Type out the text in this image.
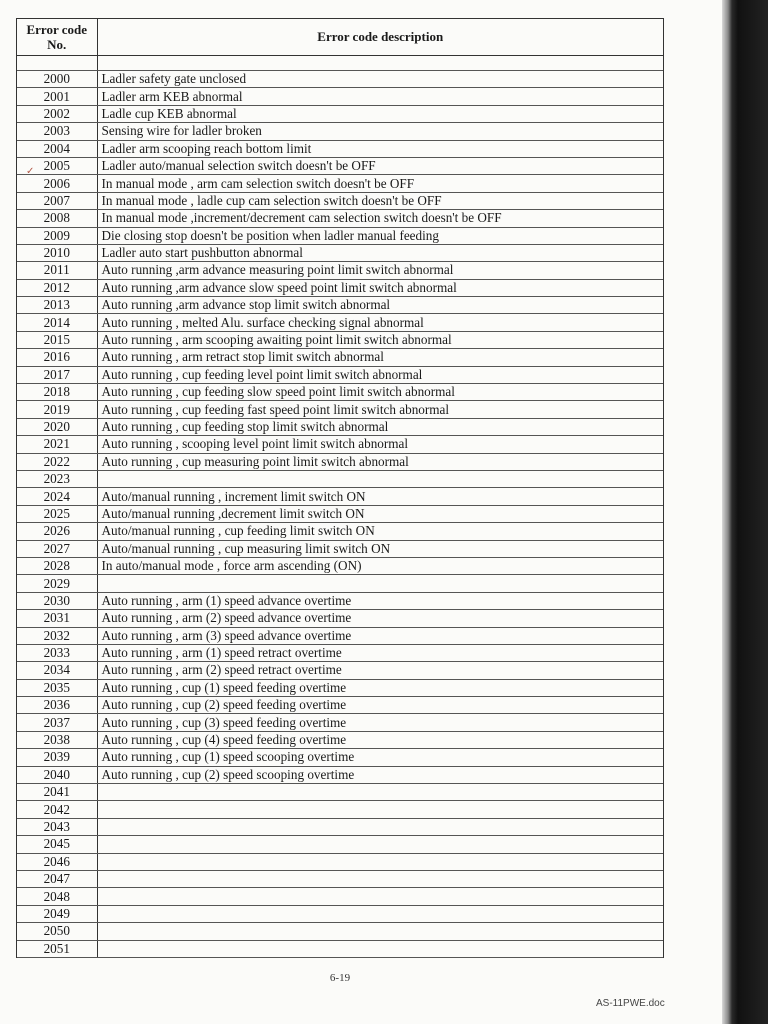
Error code No.	Error code description

2000	Ladler safety gate unclosed
2001	Ladler arm KEB abnormal
2002	Ladle cup KEB abnormal
2003	Sensing wire for ladler broken
2004	Ladler arm scooping reach bottom limit
2005	Ladler auto/manual selection switch doesn't be OFF
2006	In manual mode , arm cam selection switch doesn't be OFF
2007	In manual mode , ladle cup cam selection switch doesn't be OFF
2008	In manual mode ,increment/decrement cam selection switch doesn't be OFF
2009	Die closing stop doesn't be position when ladler manual feeding
2010	Ladler auto start pushbutton abnormal
2011	Auto running ,arm advance measuring point limit switch abnormal
2012	Auto running ,arm advance slow speed point limit switch abnormal
2013	Auto running ,arm advance stop limit switch abnormal
2014	Auto running , melted Alu. surface checking signal abnormal
2015	Auto running , arm scooping awaiting point limit switch abnormal
2016	Auto running , arm retract stop limit switch abnormal
2017	Auto running , cup feeding level point limit switch abnormal
2018	Auto running , cup feeding slow speed point limit switch abnormal
2019	Auto running , cup feeding fast speed point limit switch abnormal
2020	Auto running , cup feeding stop limit switch abnormal
2021	Auto running , scooping level point limit switch abnormal
2022	Auto running , cup measuring point limit switch abnormal
2023	
2024	Auto/manual running , increment limit switch ON
2025	Auto/manual running ,decrement limit switch ON
2026	Auto/manual running , cup feeding limit switch ON
2027	Auto/manual running , cup measuring limit switch ON
2028	In auto/manual mode , force arm ascending (ON)
2029	
2030	Auto running , arm (1) speed advance overtime
2031	Auto running , arm (2) speed advance overtime
2032	Auto running , arm (3) speed advance overtime
2033	Auto running , arm (1) speed retract overtime
2034	Auto running , arm (2) speed retract overtime
2035	Auto running , cup (1) speed feeding overtime
2036	Auto running , cup (2) speed feeding overtime
2037	Auto running , cup (3) speed feeding overtime
2038	Auto running , cup (4) speed feeding overtime
2039	Auto running , cup (1) speed scooping overtime
2040	Auto running , cup (2) speed scooping overtime
2041	
2042	
2043	
2045	
2046	
2047	
2048	
2049	
2050	
2051	
✓
6-19
AS-11PWE.doc
